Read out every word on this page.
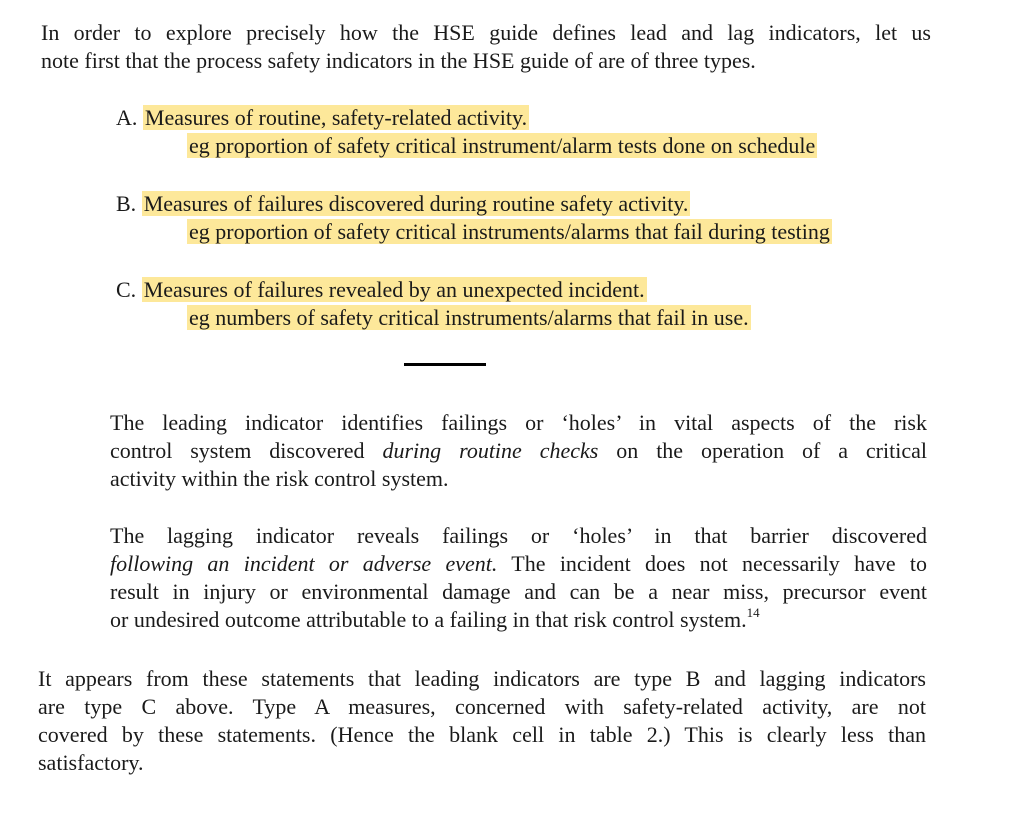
In order to explore precisely how the HSE guide defines lead and lag indicators, let us
note first that the process safety indicators in the HSE guide of are of three types.

A. Measures of routine, safety-related activity.
eg proportion of safety critical instrument/alarm tests done on schedule
B. Measures of failures discovered during routine safety activity.
eg proportion of safety critical instruments/alarms that fail during testing
C. Measures of failures revealed by an unexpected incident.
eg numbers of safety critical instruments/alarms that fail in use.

The leading indicator identifies failings or ‘holes’ in vital aspects of the risk
control system discovered during routine checks on the operation of a critical
activity within the risk control system.

The lagging indicator reveals failings or ‘holes’ in that barrier discovered
following an incident or adverse event. The incident does not necessarily have to
result in injury or environmental damage and can be a near miss, precursor event
or undesired outcome attributable to a failing in that risk control system.$^{14}$

It appears from these statements that leading indicators are type B and lagging indicators
are type C above. Type A measures, concerned with safety-related activity, are not
covered by these statements. (Hence the blank cell in table 2.) This is clearly less than
satisfactory.
